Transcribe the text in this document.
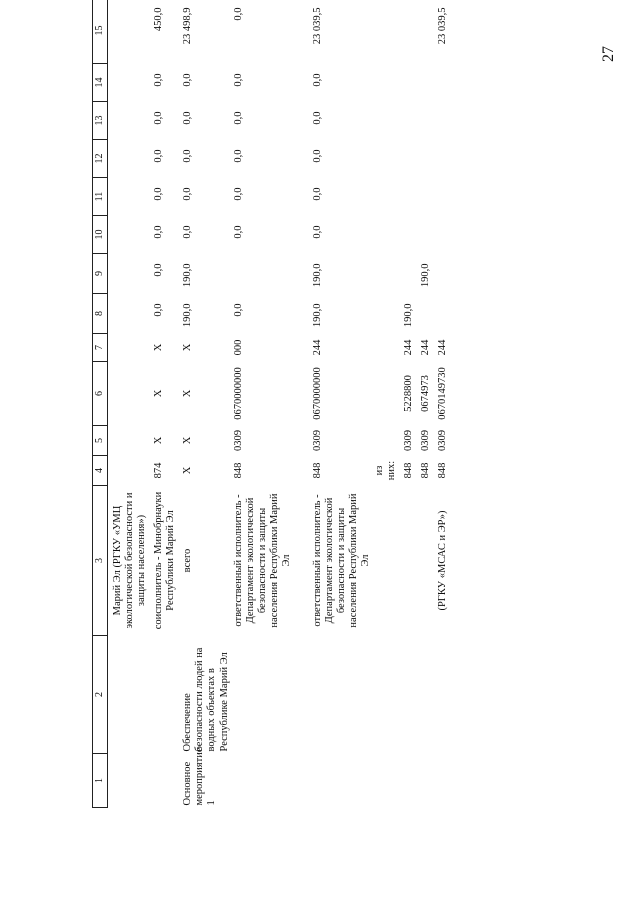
27
1	2	3	4	5	6	7	8	9	10	11	12	13	14	15
		Марий Эл (РГКУ «УМЦ экологической безопасности и защиты населения»)												
		соисполнитель - Минобрнауки Республики Марий Эл	874	X	X	X	0,0	0,0	0,0	0,0	0,0	0,0	0,0	450,0
Основное мероприятие 1	Обеспечение безопасности людей на водных объектах в Республике Марий Эл	всего	X	X	X	X	190,0	190,0	0,0	0,0	0,0	0,0	0,0	23 498,9
		ответственный исполнитель - Департамент экологической безопасности и защиты населения Республики Марий Эл	848	0309	0670000000	000	0,0		0,0	0,0	0,0	0,0	0,0	0,0
		ответственный исполнитель - Департамент экологической безопасности и защиты населения Республики Марий Эл	848	0309	0670000000	244	190,0	190,0	0,0	0,0	0,0	0,0	0,0	23 039,5
			из них:											
			848	0309	5228800	244	190,0							
			848	0309	0674973	244		190,0						
		(РГКУ «МСАС и ЭР»)	848	0309	0670149730	244								23 039,5
